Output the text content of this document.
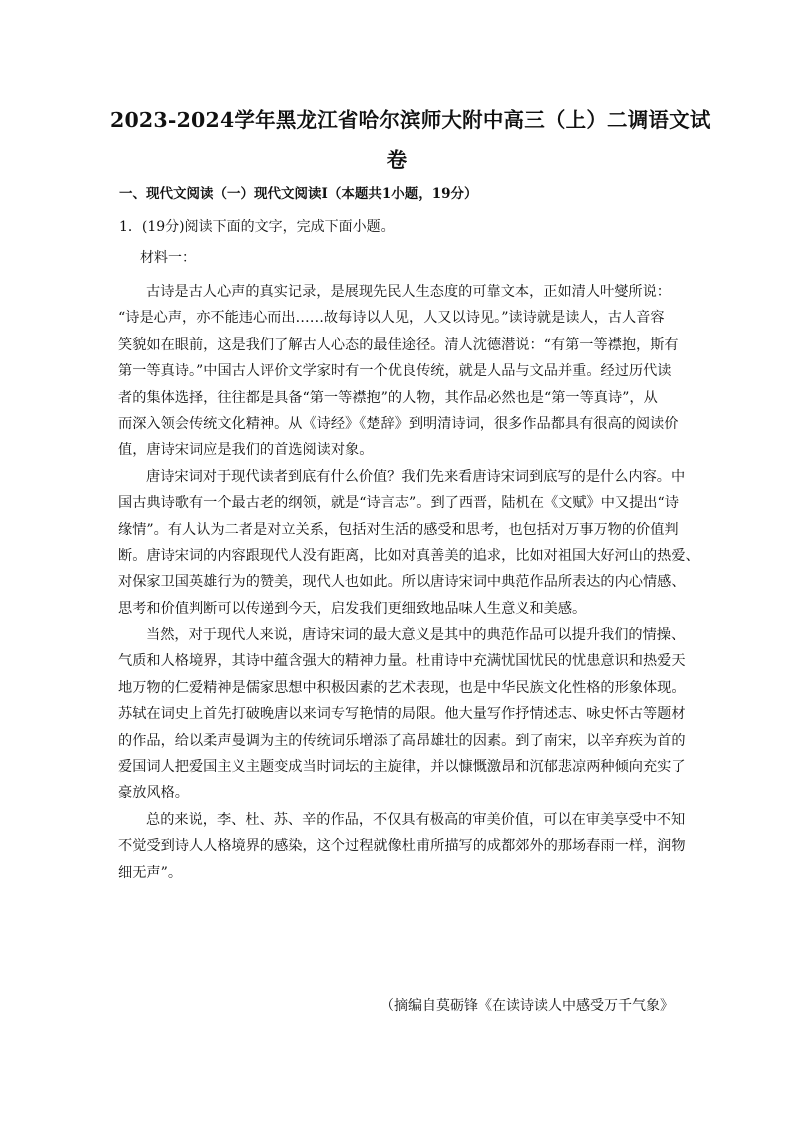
2023-2024学年黑龙江省哈尔滨师大附中高三（上）二调语文试
卷
一、现代文阅读（一）现代文阅读Ⅰ（本题共1小题，19分）
1．(19分)阅读下面的文字，完成下面小题。
材料一：
古诗是古人心声的真实记录，是展现先民人生态度的可靠文本，正如清人叶燮所说：
“诗是心声，亦不能违心而出……故每诗以人见，人又以诗见。”读诗就是读人，古人音容
笑貌如在眼前，这是我们了解古人心态的最佳途径。清人沈德潜说：“有第一等襟抱，斯有
第一等真诗。”中国古人评价文学家时有一个优良传统，就是人品与文品并重。经过历代读
者的集体选择，往往都是具备“第一等襟抱”的人物，其作品必然也是“第一等真诗”，从
而深入领会传统文化精神。从《诗经》《楚辞》到明清诗词，很多作品都具有很高的阅读价
值，唐诗宋词应是我们的首选阅读对象。
唐诗宋词对于现代读者到底有什么价值？我们先来看唐诗宋词到底写的是什么内容。中
国古典诗歌有一个最古老的纲领，就是“诗言志”。到了西晋，陆机在《文赋》中又提出“诗
缘情”。有人认为二者是对立关系，包括对生活的感受和思考，也包括对万事万物的价值判
断。唐诗宋词的内容跟现代人没有距离，比如对真善美的追求，比如对祖国大好河山的热爱、
对保家卫国英雄行为的赞美，现代人也如此。所以唐诗宋词中典范作品所表达的内心情感、
思考和价值判断可以传递到今天，启发我们更细致地品味人生意义和美感。
当然，对于现代人来说，唐诗宋词的最大意义是其中的典范作品可以提升我们的情操、
气质和人格境界，其诗中蕴含强大的精神力量。杜甫诗中充满忧国忧民的忧患意识和热爱天
地万物的仁爱精神是儒家思想中积极因素的艺术表现，也是中华民族文化性格的形象体现。
苏轼在词史上首先打破晚唐以来词专写艳情的局限。他大量写作抒情述志、咏史怀古等题材
的作品，给以柔声曼调为主的传统词乐增添了高昂雄壮的因素。到了南宋，以辛弃疾为首的
爱国词人把爱国主义主题变成当时词坛的主旋律，并以慷慨激昂和沉郁悲凉两种倾向充实了
豪放风格。
总的来说，李、杜、苏、辛的作品，不仅具有极高的审美价值，可以在审美享受中不知
不觉受到诗人人格境界的感染，这个过程就像杜甫所描写的成都郊外的那场春雨一样，润物
细无声”。
（摘编自莫砺锋《在读诗读人中感受万千气象》
